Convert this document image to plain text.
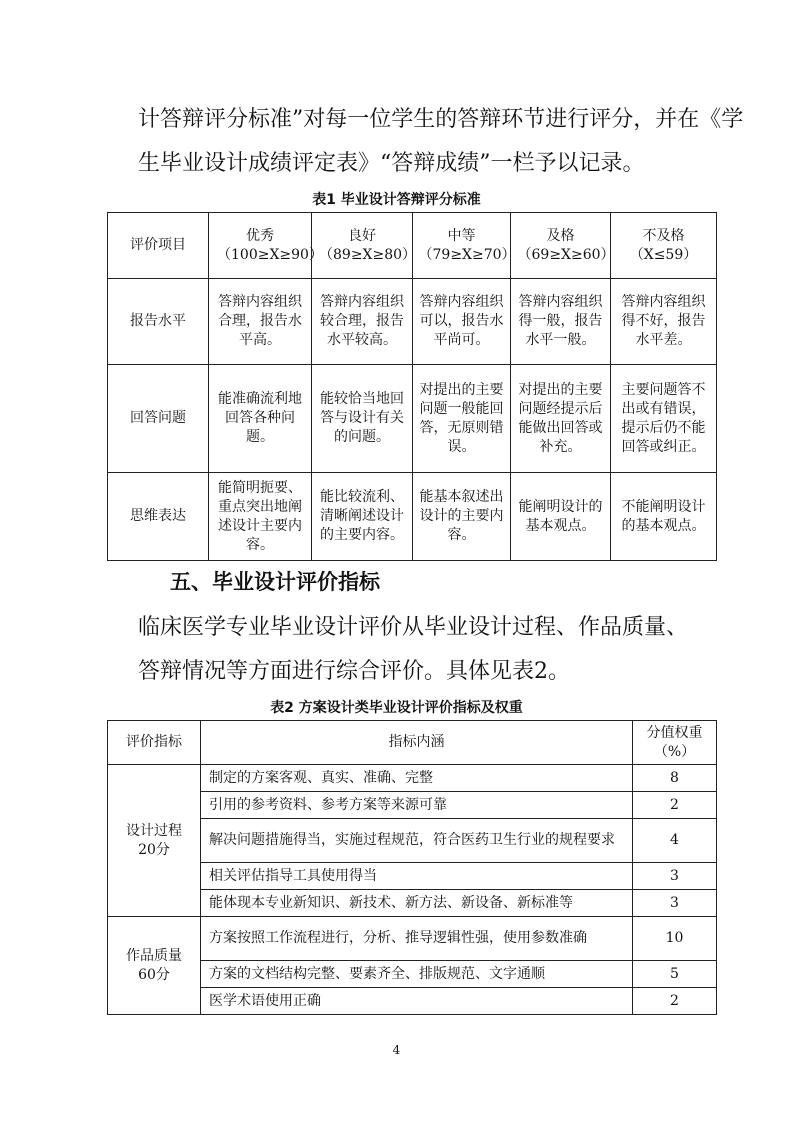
计答辩评分标准”对每一位学生的答辩环节进行评分，并在《学

生毕业设计成绩评定表》“答辩成绩”一栏予以记录。

表1 毕业设计答辩评分标准
评价项目	优秀（100≥X≥90）	良好（89≥X≥80）	中等（79≥X≥70）	及格（69≥X≥60）	不及格（X≤59）
报告水平	答辩内容组织合理，报告水平高。	答辩内容组织较合理，报告水平较高。	答辩内容组织可以，报告水平尚可。	答辩内容组织得一般，报告水平一般。	答辩内容组织得不好，报告水平差。
回答问题	能准确流利地回答各种问题。	能较恰当地回答与设计有关的问题。	对提出的主要问题一般能回答，无原则错误。	对提出的主要问题经提示后能做出回答或补充。	主要问题答不出或有错误，提示后仍不能回答或纠正。
思维表达	能简明扼要、重点突出地阐述设计主要内容。	能比较流利、清晰阐述设计的主要内容。	能基本叙述出设计的主要内容。	能阐明设计的基本观点。	不能阐明设计的基本观点。
五、毕业设计评价指标

临床医学专业毕业设计评价从毕业设计过程、作品质量、

答辩情况等方面进行综合评价。具体见表2。

表2 方案设计类毕业设计评价指标及权重
评价指标	指标内涵	分值权重（%）
设计过程20分	制定的方案客观、真实、准确、完整	8
	引用的参考资料、参考方案等来源可靠	2
	解决问题措施得当，实施过程规范，符合医药卫生行业的规程要求	4
	相关评估指导工具使用得当	3
	能体现本专业新知识、新技术、新方法、新设备、新标准等	3
作品质量60分	方案按照工作流程进行，分析、推导逻辑性强，使用参数准确	10
	方案的文档结构完整、要素齐全、排版规范、文字通顺	5
	医学术语使用正确	2
4
